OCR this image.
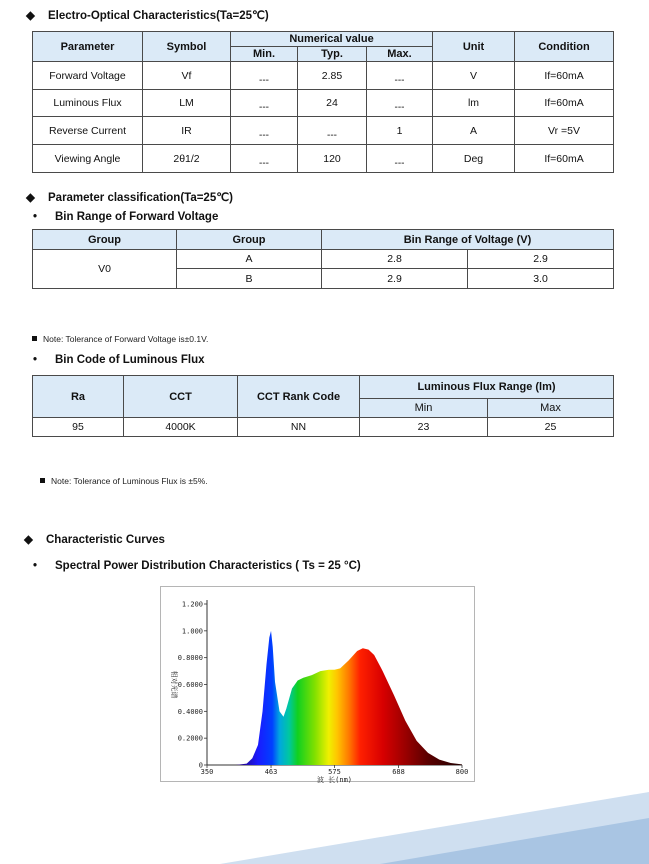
◆ Electro-Optical Characteristics(Ta=25℃)
Parameter	Symbol	Numerical value			Unit	Condition
		Min.	Typ.	Max.		
Forward Voltage	Vf	---	2.85	---	V	If=60mA
Luminous Flux	LM	---	24	---	lm	If=60mA
Reverse Current	IR	---	---	1	A	Vr =5V
Viewing Angle	2θ1/2	---	120	---	Deg	If=60mA
◆ Parameter classification(Ta=25℃)
• Bin Range of Forward Voltage
Group	Group	Bin Range of Voltage (V)	
V0	A	2.8	2.9
	B	2.9	3.0
Note: Tolerance of Forward Voltage is±0.1V.
• Bin Code of Luminous Flux
Ra	CCT	CCT Rank Code	Luminous Flux Range (lm)	
			Min	Max
95	4000K	NN	23	25
Note: Tolerance of Luminous Flux is ±5%.
◆ Characteristic Curves
• Spectral Power Distribution Characteristics ( Ts = 25 °C)
0
0.2000
0.4000
0.6000
0.8000
1.000
1.200
350	463	575	688	800
波 长(nm)
相对光谱
